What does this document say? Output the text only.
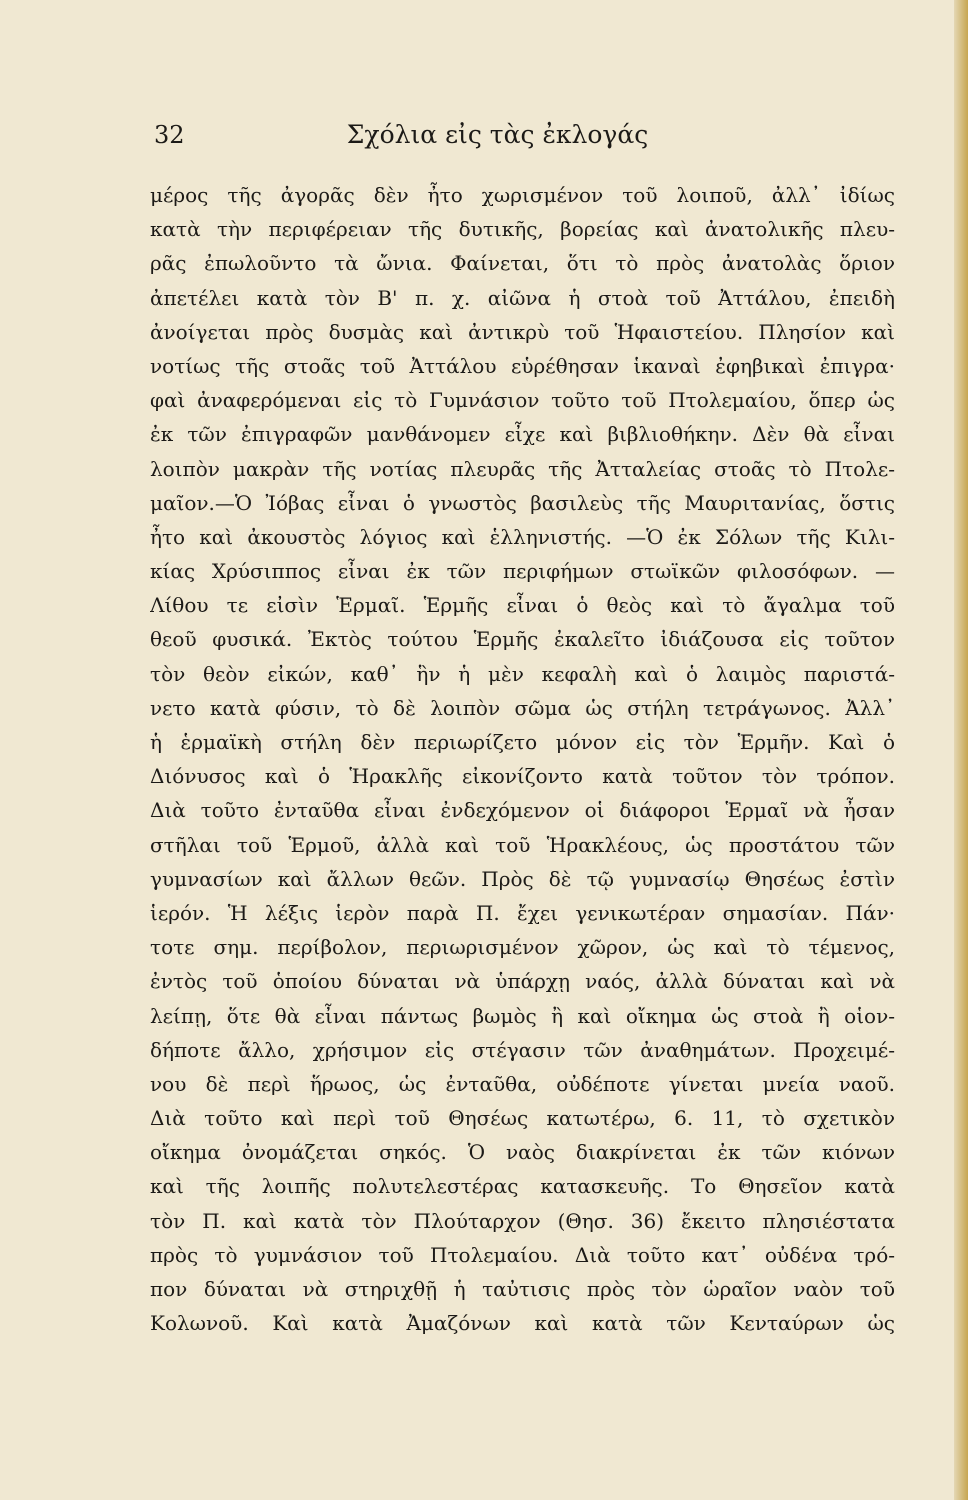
32	Σχόλια εἰς τὰς ἐκλογάς
μέρος τῆς ἀγορᾶς δὲν ἦτο χωρισμένον τοῦ λοιποῦ, ἀλλ᾿ ἰδίως
κατὰ τὴν περιφέρειαν τῆς δυτικῆς, βορείας καὶ ἀνατολικῆς πλευ-
ρᾶς ἐπωλοῦντο τὰ ὤνια. Φαίνεται, ὅτι τὸ πρὸς ἀνατολὰς ὅριον
ἀπετέλει κατὰ τὸν Β' π. χ. αἰῶνα ἡ στοὰ τοῦ Ἀττάλου, ἐπειδὴ
ἀνοίγεται πρὸς δυσμὰς καὶ ἀντικρὺ τοῦ Ἡφαιστείου. Πλησίον καὶ
νοτίως τῆς στοᾶς τοῦ Ἀττάλου εὑρέθησαν ἱκαναὶ ἐφηβικαὶ ἐπιγρα·
φαὶ ἀναφερόμεναι εἰς τὸ Γυμνάσιον τοῦτο τοῦ Πτολεμαίου, ὅπερ ὡς
ἐκ τῶν ἐπιγραφῶν μανθάνομεν εἶχε καὶ βιβλιοθήκην. Δὲν θὰ εἶναι
λοιπὸν μακρὰν τῆς νοτίας πλευρᾶς τῆς Ἀτταλείας στοᾶς τὸ Πτολε-
μαῖον.—Ὁ Ἰόβας εἶναι ὁ γνωστὸς βασιλεὺς τῆς Μαυριτανίας, ὅστις
ἦτο καὶ ἀκουστὸς λόγιος καὶ ἑλληνιστής. —Ὁ ἐκ Σόλων τῆς Κιλι-
κίας Χρύσιππος εἶναι ἐκ τῶν περιφήμων στωϊκῶν φιλοσόφων. —
Λίθου τε εἰσὶν Ἑρμαῖ. Ἑρμῆς εἶναι ὁ θεὸς καὶ τὸ ἄγαλμα τοῦ
θεοῦ φυσικά. Ἐκτὸς τούτου Ἑρμῆς ἐκαλεῖτο ἰδιάζουσα εἰς τοῦτον
τὸν θεὸν εἰκών, καθ᾿ ἣν ἡ μὲν κεφαλὴ καὶ ὁ λαιμὸς παριστά-
νετο κατὰ φύσιν, τὸ δὲ λοιπὸν σῶμα ὡς στήλη τετράγωνος. Ἀλλ᾿
ἡ ἑρμαϊκὴ στήλη δὲν περιωρίζετο μόνον εἰς τὸν Ἑρμῆν. Καὶ ὁ
Διόνυσος καὶ ὁ Ἡρακλῆς εἰκονίζοντο κατὰ τοῦτον τὸν τρόπον.
Διὰ τοῦτο ἐνταῦθα εἶναι ἐνδεχόμενον οἱ διάφοροι Ἑρμαῖ νὰ ἦσαν
στῆλαι τοῦ Ἑρμοῦ, ἀλλὰ καὶ τοῦ Ἡρακλέους, ὡς προστάτου τῶν
γυμνασίων καὶ ἄλλων θεῶν. Πρὸς δὲ τῷ γυμνασίῳ Θησέως ἐστὶν
ἱερόν. Ἡ λέξις ἱερὸν παρὰ Π. ἔχει γενικωτέραν σημασίαν. Πάν·
τοτε σημ. περίβολον, περιωρισμένον χῶρον, ὡς καὶ τὸ τέμενος,
ἐντὸς τοῦ ὁποίου δύναται νὰ ὑπάρχῃ ναός, ἀλλὰ δύναται καὶ νὰ
λείπῃ, ὅτε θὰ εἶναι πάντως βωμὸς ἢ καὶ οἴκημα ὡς στοὰ ἢ οἱον-
δήποτε ἄλλο, χρήσιμον εἰς στέγασιν τῶν ἀναθημάτων. Προχειμέ-
νου δὲ περὶ ἥρωος, ὡς ἐνταῦθα, οὐδέποτε γίνεται μνεία ναοῦ.
Διὰ τοῦτο καὶ περὶ τοῦ Θησέως κατωτέρω, 6. 11, τὸ σχετικὸν
οἴκημα ὀνομάζεται σηκός. Ὁ ναὸς διακρίνεται ἐκ τῶν κιόνων
καὶ τῆς λοιπῆς πολυτελεστέρας κατασκευῆς. Το Θησεῖον κατὰ
τὸν Π. καὶ κατὰ τὸν Πλούταρχον (Θησ. 36) ἔκειτο πλησιέστατα
πρὸς τὸ γυμνάσιον τοῦ Πτολεμαίου. Διὰ τοῦτο κατ᾿ οὐδένα τρό-
πον δύναται νὰ στηριχθῇ ἡ ταὐτισις πρὸς τὸν ὡραῖον ναὸν τοῦ
Κολωνοῦ. Καὶ κατὰ Ἀμαζόνων καὶ κατὰ τῶν Κενταύρων ὡς
